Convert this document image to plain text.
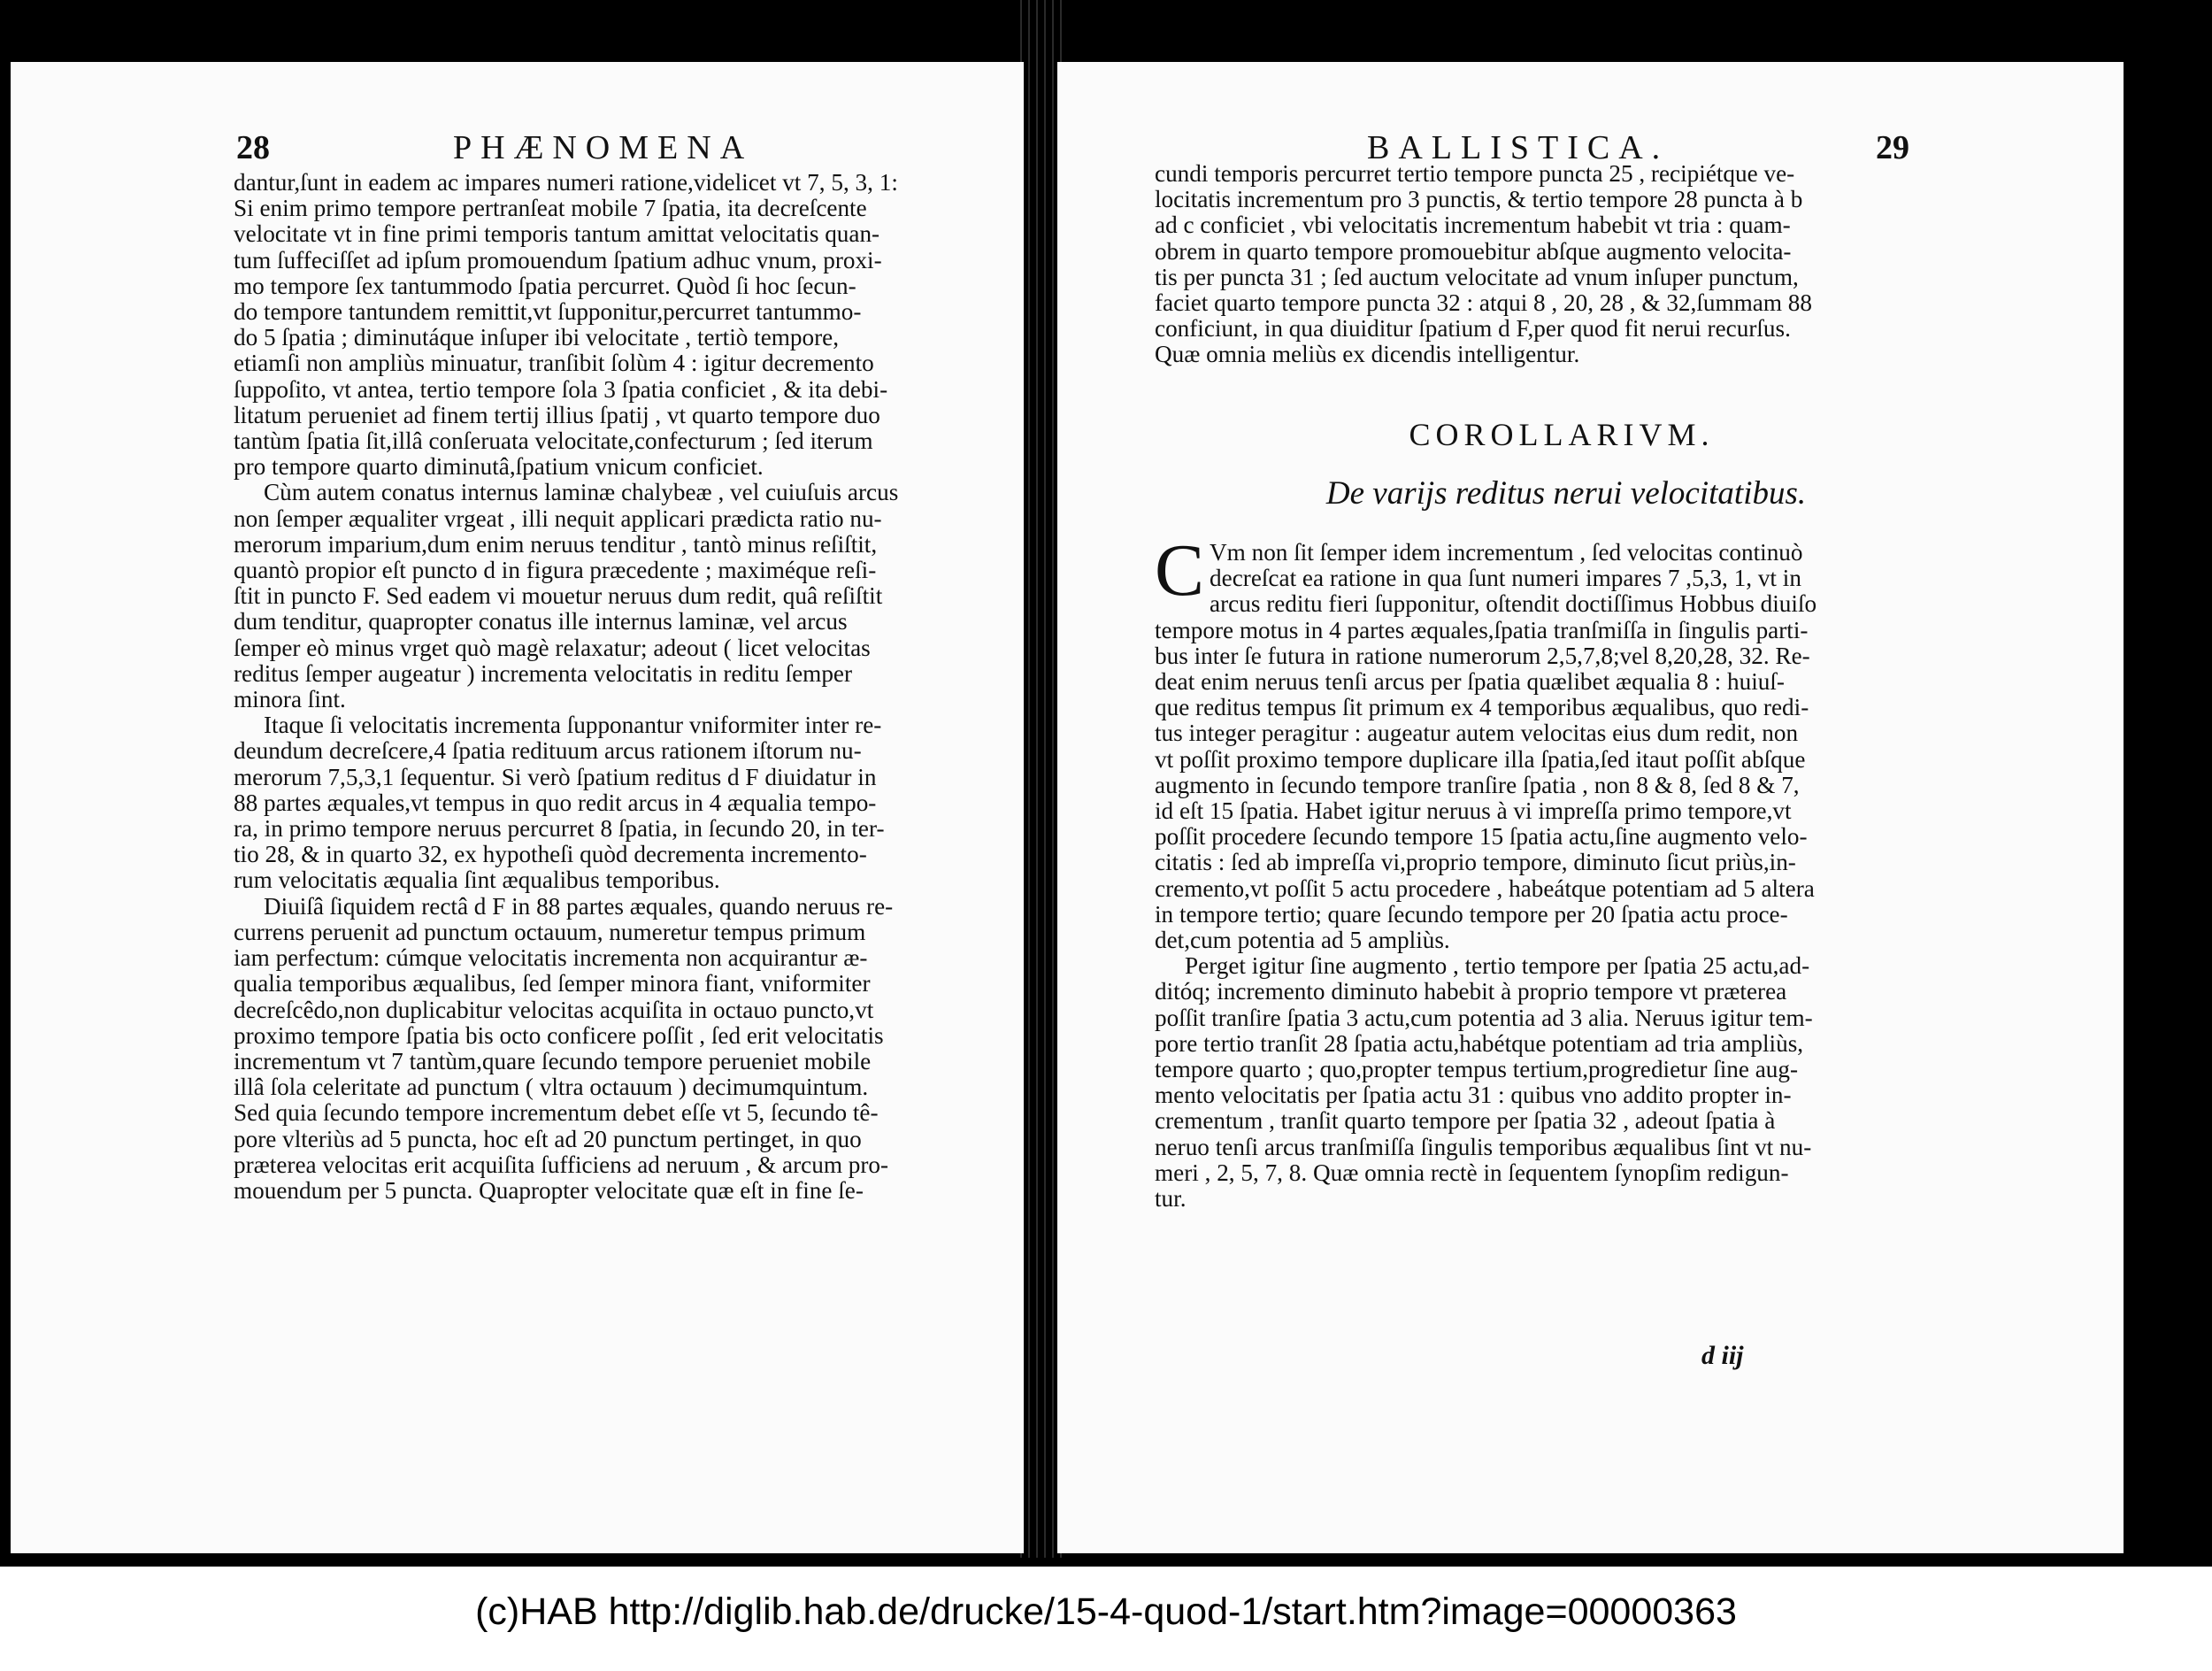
28	PHÆNOMENA

dantur,ſunt in eadem ac impares numeri ratione,videlicet vt 7, 5, 3, 1:

Si enim primo tempore pertranſeat mobile 7 ſpatia, ita decreſcente

velocitate vt in fine primi temporis tantum amittat velocitatis quan-

tum ſuffeciſſet ad ipſum promouendum ſpatium adhuc vnum, proxi-

mo tempore ſex tantummodo ſpatia percurret. Quòd ſi hoc ſecun-

do tempore tantundem remittit,vt ſupponitur,percurret tantummo-

do 5 ſpatia ; diminutáque inſuper ibi velocitate , tertiò tempore,

etiamſi non ampliùs minuatur, tranſibit ſolùm 4 : igitur decremento

ſuppoſito, vt antea, tertio tempore ſola 3 ſpatia conficiet , & ita debi-

litatum perueniet ad finem tertij illius ſpatij , vt quarto tempore duo

tantùm ſpatia ſit,illâ conſeruata velocitate,confecturum ; ſed iterum

pro tempore quarto diminutâ,ſpatium vnicum conficiet.

Cùm autem conatus internus laminæ chalybeæ , vel cuiuſuis arcus

non ſemper æqualiter vrgeat , illi nequit applicari prædicta ratio nu-

merorum imparium,dum enim neruus tenditur , tantò minus reſiſtit,

quantò propior eſt puncto d in figura præcedente ; maximéque reſi-

ſtit in puncto F. Sed eadem vi mouetur neruus dum redit, quâ reſiſtit

dum tenditur, quapropter conatus ille internus laminæ, vel arcus

ſemper eò minus vrget quò magè relaxatur; adeout ( licet velocitas

reditus ſemper augeatur ) incrementa velocitatis in reditu ſemper

minora ſint.

Itaque ſi velocitatis incrementa ſupponantur vniformiter inter re-

deundum decreſcere,4 ſpatia redituum arcus rationem iſtorum nu-

merorum 7,5,3,1 ſequentur. Si verò ſpatium reditus d F diuidatur in

88 partes æquales,vt tempus in quo redit arcus in 4 æqualia tempo-

ra, in primo tempore neruus percurret 8 ſpatia, in ſecundo 20, in ter-

tio 28, & in quarto 32, ex hypotheſi quòd decrementa incremento-

rum velocitatis æqualia ſint æqualibus temporibus.

Diuiſâ ſiquidem rectâ d F in 88 partes æquales, quando neruus re-

currens peruenit ad punctum octauum, numeretur tempus primum

iam perfectum: cúmque velocitatis incrementa non acquirantur æ-

qualia temporibus æqualibus, ſed ſemper minora fiant, vniformiter

decreſcêdo,non duplicabitur velocitas acquiſita in octauo puncto,vt

proximo tempore ſpatia bis octo conficere poſſit , ſed erit velocitatis

incrementum vt 7 tantùm,quare ſecundo tempore perueniet mobile

illâ ſola celeritate ad punctum ( vltra octauum ) decimumquintum.

Sed quia ſecundo tempore incrementum debet eſſe vt 5, ſecundo tê-

pore vlteriùs ad 5 puncta, hoc eſt ad 20 punctum pertinget, in quo

præterea velocitas erit acquiſita ſufficiens ad neruum , & arcum pro-

mouendum per 5 puncta. Quapropter velocitate quæ eſt in fine ſe-

BALLISTICA.	29

cundi temporis percurret tertio tempore puncta 25 , recipiétque ve-

locitatis incrementum pro 3 punctis, & tertio tempore 28 puncta à b

ad c conficiet , vbi velocitatis incrementum habebit vt tria : quam-

obrem in quarto tempore promouebitur abſque augmento velocita-

tis per puncta 31 ; ſed auctum velocitate ad vnum inſuper punctum,

faciet quarto tempore puncta 32 : atqui 8 , 20, 28 , & 32,ſummam 88

conficiunt, in qua diuiditur ſpatium d F,per quod fit nerui recurſus.

Quæ omnia meliùs ex dicendis intelligentur.

COROLLARIVM.
De varijs reditus nerui velocitatibus.
C Vm non ſit ſemper idem incrementum , ſed velocitas continuò

decreſcat ea ratione in qua ſunt numeri impares 7 ,5,3, 1, vt in

arcus reditu fieri ſupponitur, oſtendit doctiſſimus Hobbus diuiſo

tempore motus in 4 partes æquales,ſpatia tranſmiſſa in ſingulis parti-

bus inter ſe futura in ratione numerorum 2,5,7,8;vel 8,20,28, 32. Re-

deat enim neruus tenſi arcus per ſpatia quælibet æqualia 8 : huiuſ-

que reditus tempus ſit primum ex 4 temporibus æqualibus, quo redi-

tus integer peragitur : augeatur autem velocitas eius dum redit, non

vt poſſit proximo tempore duplicare illa ſpatia,ſed itaut poſſit abſque

augmento in ſecundo tempore tranſire ſpatia , non 8 & 8, ſed 8 & 7,

id eſt 15 ſpatia. Habet igitur neruus à vi impreſſa primo tempore,vt

poſſit procedere ſecundo tempore 15 ſpatia actu,ſine augmento velo-

citatis : ſed ab impreſſa vi,proprio tempore, diminuto ſicut priùs,in-

cremento,vt poſſit 5 actu procedere , habeátque potentiam ad 5 altera

in tempore tertio; quare ſecundo tempore per 20 ſpatia actu proce-

det,cum potentia ad 5 ampliùs.

Perget igitur ſine augmento , tertio tempore per ſpatia 25 actu,ad-

ditóq; incremento diminuto habebit à proprio tempore vt præterea

poſſit tranſire ſpatia 3 actu,cum potentia ad 3 alia. Neruus igitur tem-

pore tertio tranſit 28 ſpatia actu,habétque potentiam ad tria ampliùs,

tempore quarto ; quo,propter tempus tertium,progredietur ſine aug-

mento velocitatis per ſpatia actu 31 : quibus vno addito propter in-

crementum , tranſit quarto tempore per ſpatia 32 , adeout ſpatia à

neruo tenſi arcus tranſmiſſa ſingulis temporibus æqualibus ſint vt nu-

meri , 2, 5, 7, 8. Quæ omnia rectè in ſequentem ſynopſim redigun-

tur.

d iij
(c)HAB http://diglib.hab.de/drucke/15-4-quod-1/start.htm?image=00000363
